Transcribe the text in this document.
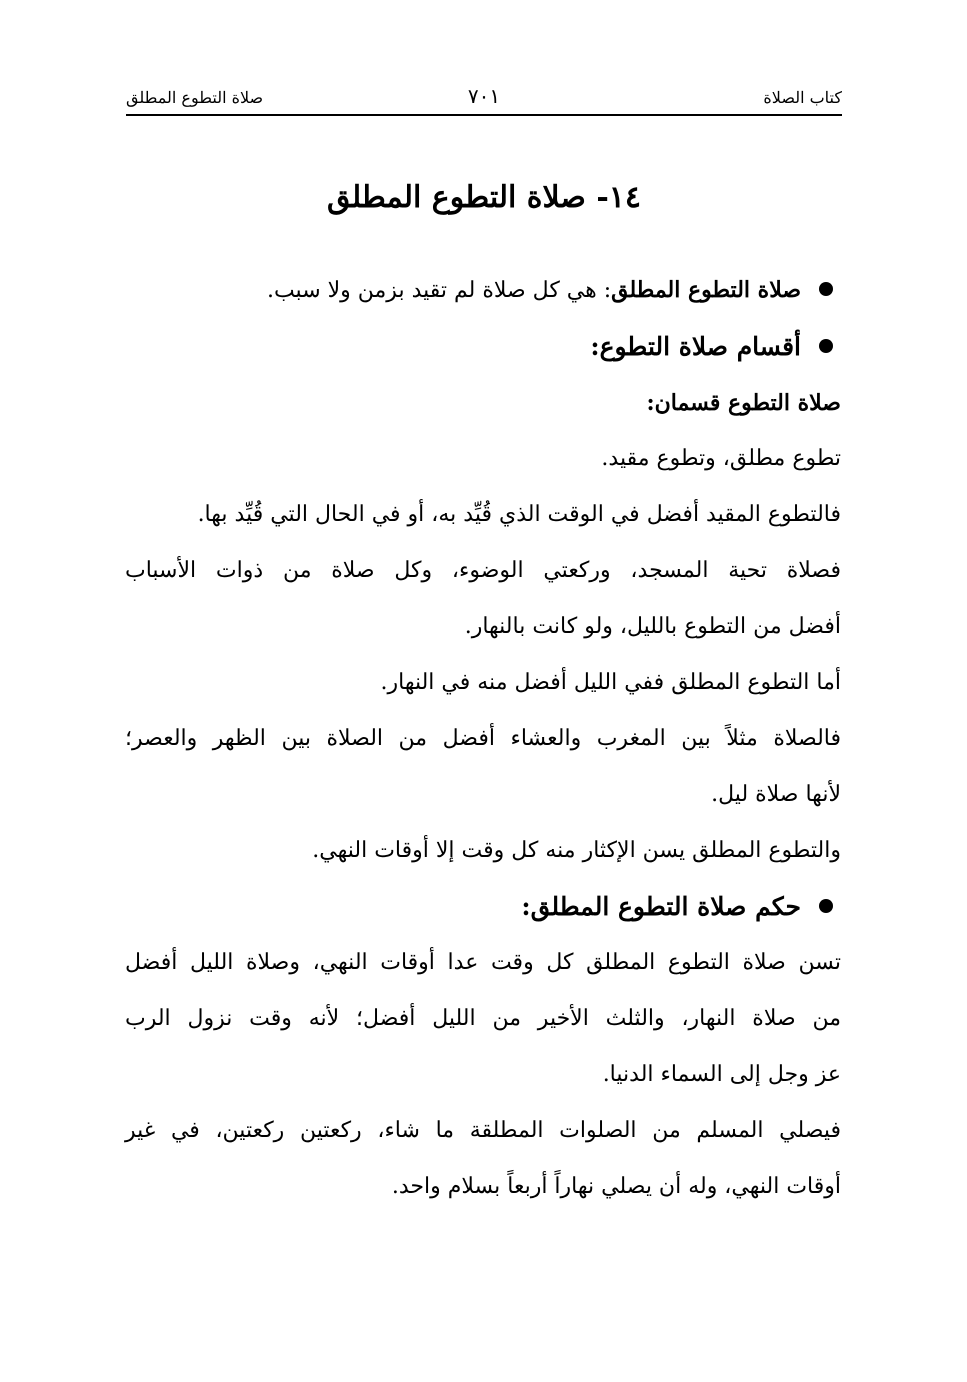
كتاب الصلاة
٧٠١
صلاة التطوع المطلق
١٤- صلاة التطوع المطلق

صلاة التطوع المطلق: هي كل صلاة لم تقيد بزمن ولا سبب.

أقسام صلاة التطوع:

صلاة التطوع قسمان:

تطوع مطلق، وتطوع مقيد.

فالتطوع المقيد أفضل في الوقت الذي قُيِّد به، أو في الحال التي قُيِّد بها.

فصلاة تحية المسجد، وركعتي الوضوء، وكل صلاة من ذوات الأسباب

أفضل من التطوع بالليل، ولو كانت بالنهار.

أما التطوع المطلق ففي الليل أفضل منه في النهار.

فالصلاة مثلاً بين المغرب والعشاء أفضل من الصلاة بين الظهر والعصر؛

لأنها صلاة ليل.

والتطوع المطلق يسن الإكثار منه كل وقت إلا أوقات النهي.

حكم صلاة التطوع المطلق:

تسن صلاة التطوع المطلق كل وقت عدا أوقات النهي، وصلاة الليل أفضل

من صلاة النهار، والثلث الأخير من الليل أفضل؛ لأنه وقت نزول الرب

عز وجل إلى السماء الدنيا.

فيصلي المسلم من الصلوات المطلقة ما شاء، ركعتين ركعتين، في غير

أوقات النهي، وله أن يصلي نهاراً أربعاً بسلام واحد.
